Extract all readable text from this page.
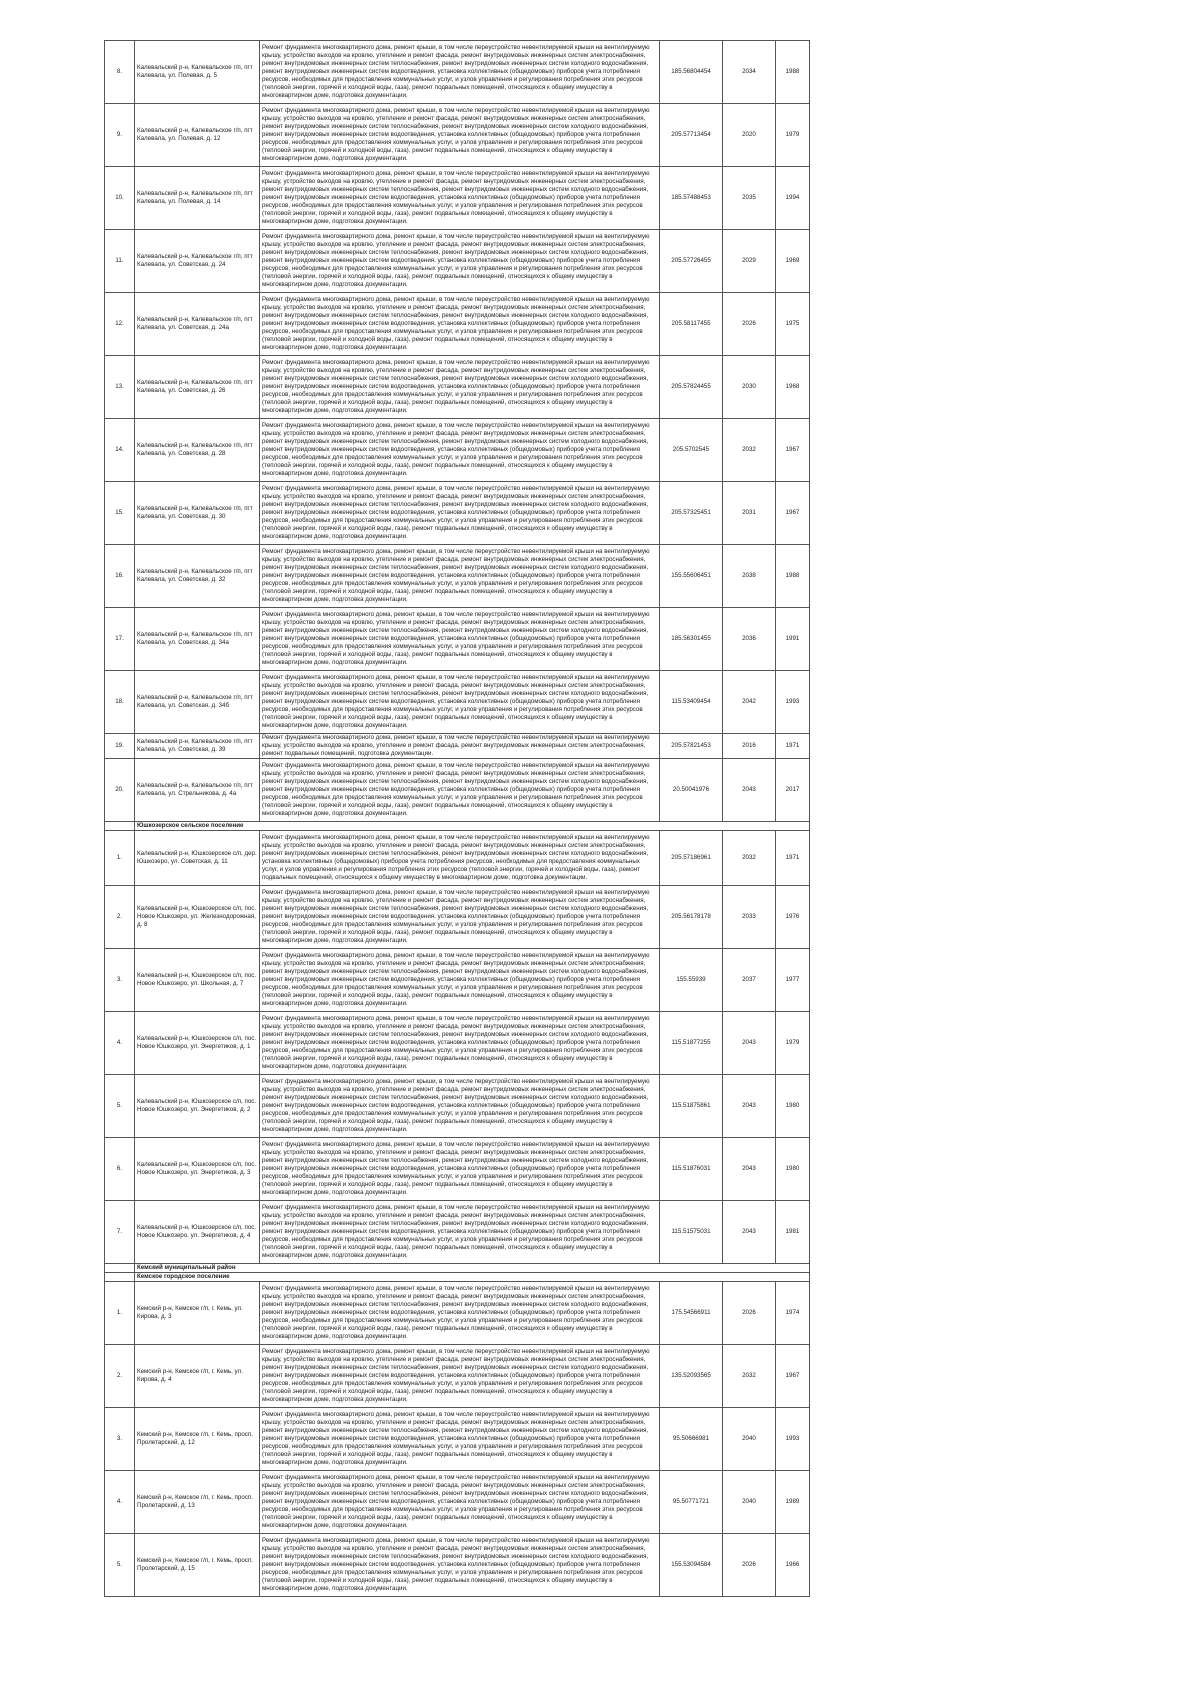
8.	Калевальский р-н, Калевальское г/п, пгт Калевала, ул. Полевая, д. 5	Ремонт фундамента многоквартирного дома, ремонт крыши, в том числе переустройство невентилируемой крыши на вентилируемую крышу, устройство выходов на кровлю, утепление и ремонт фасада, ремонт внутридомовых инженерных систем электроснабжения, ремонт внутридомовых инженерных систем теплоснабжения, ремонт внутридомовых инженерных систем холодного водоснабжения, ремонт внутридомовых инженерных систем водоотведения, установка коллективных (общедомовых) приборов учета потребления ресурсов, необходимых для предоставления коммунальных услуг, и узлов управления и регулирования потребления этих ресурсов (тепловой энергии, горячей и холодной воды, газа), ремонт подвальных помещений, относящихся к общему имуществу в многоквартирном доме, подготовка документации.	185.56804454	2034	1988
9.	Калевальский р-н, Калевальское г/п, пгт Калевала, ул. Полевая, д. 12	Ремонт фундамента многоквартирного дома, ремонт крыши, в том числе переустройство невентилируемой крыши на вентилируемую крышу, устройство выходов на кровлю, утепление и ремонт фасада, ремонт внутридомовых инженерных систем электроснабжения, ремонт внутридомовых инженерных систем теплоснабжения, ремонт внутридомовых инженерных систем холодного водоснабжения, ремонт внутридомовых инженерных систем водоотведения, установка коллективных (общедомовых) приборов учета потребления ресурсов, необходимых для предоставления коммунальных услуг, и узлов управления и регулирования потребления этих ресурсов (тепловой энергии, горячей и холодной воды, газа), ремонт подвальных помещений, относящихся к общему имуществу в многоквартирном доме, подготовка документации.	205.57713454	2020	1979
10.	Калевальский р-н, Калевальское г/п, пгт Калевала, ул. Полевая, д. 14	Ремонт фундамента многоквартирного дома, ремонт крыши, в том числе переустройство невентилируемой крыши на вентилируемую крышу, устройство выходов на кровлю, утепление и ремонт фасада, ремонт внутридомовых инженерных систем электроснабжения, ремонт внутридомовых инженерных систем теплоснабжения, ремонт внутридомовых инженерных систем холодного водоснабжения, ремонт внутридомовых инженерных систем водоотведения, установка коллективных (общедомовых) приборов учета потребления ресурсов, необходимых для предоставления коммунальных услуг, и узлов управления и регулирования потребления этих ресурсов (тепловой энергии, горячей и холодной воды, газа), ремонт подвальных помещений, относящихся к общему имуществу в многоквартирном доме, подготовка документации.	185.57488453	2035	1994
11.	Калевальский р-н, Калевальское г/п, пгт Калевала, ул. Советская, д. 24	Ремонт фундамента многоквартирного дома, ремонт крыши, в том числе переустройство невентилируемой крыши на вентилируемую крышу, устройство выходов на кровлю, утепление и ремонт фасада, ремонт внутридомовых инженерных систем электроснабжения, ремонт внутридомовых инженерных систем теплоснабжения, ремонт внутридомовых инженерных систем холодного водоснабжения, ремонт внутридомовых инженерных систем водоотведения, установка коллективных (общедомовых) приборов учета потребления ресурсов, необходимых для предоставления коммунальных услуг, и узлов управления и регулирования потребления этих ресурсов (тепловой энергии, горячей и холодной воды, газа), ремонт подвальных помещений, относящихся к общему имуществу в многоквартирном доме, подготовка документации.	205.57726455	2029	1969
12.	Калевальский р-н, Калевальское г/п, пгт Калевала, ул. Советская, д. 24а	Ремонт фундамента многоквартирного дома, ремонт крыши, в том числе переустройство невентилируемой крыши на вентилируемую крышу, устройство выходов на кровлю, утепление и ремонт фасада, ремонт внутридомовых инженерных систем электроснабжения, ремонт внутридомовых инженерных систем теплоснабжения, ремонт внутридомовых инженерных систем холодного водоснабжения, ремонт внутридомовых инженерных систем водоотведения, установка коллективных (общедомовых) приборов учета потребления ресурсов, необходимых для предоставления коммунальных услуг, и узлов управления и регулирования потребления этих ресурсов (тепловой энергии, горячей и холодной воды, газа), ремонт подвальных помещений, относящихся к общему имуществу в многоквартирном доме, подготовка документации.	205.58117455	2026	1975
13.	Калевальский р-н, Калевальское г/п, пгт Калевала, ул. Советская, д. 26	Ремонт фундамента многоквартирного дома, ремонт крыши, в том числе переустройство невентилируемой крыши на вентилируемую крышу, устройство выходов на кровлю, утепление и ремонт фасада, ремонт внутридомовых инженерных систем электроснабжения, ремонт внутридомовых инженерных систем теплоснабжения, ремонт внутридомовых инженерных систем холодного водоснабжения, ремонт внутридомовых инженерных систем водоотведения, установка коллективных (общедомовых) приборов учета потребления ресурсов, необходимых для предоставления коммунальных услуг, и узлов управления и регулирования потребления этих ресурсов (тепловой энергии, горячей и холодной воды, газа), ремонт подвальных помещений, относящихся к общему имуществу в многоквартирном доме, подготовка документации.	205.57824455	2030	1968
14.	Калевальский р-н, Калевальское г/п, пгт Калевала, ул. Советская, д. 28	Ремонт фундамента многоквартирного дома, ремонт крыши, в том числе переустройство невентилируемой крыши на вентилируемую крышу, устройство выходов на кровлю, утепление и ремонт фасада, ремонт внутридомовых инженерных систем электроснабжения, ремонт внутридомовых инженерных систем теплоснабжения, ремонт внутридомовых инженерных систем холодного водоснабжения, ремонт внутридомовых инженерных систем водоотведения, установка коллективных (общедомовых) приборов учета потребления ресурсов, необходимых для предоставления коммунальных услуг, и узлов управления и регулирования потребления этих ресурсов (тепловой энергии, горячей и холодной воды, газа), ремонт подвальных помещений, относящихся к общему имуществу в многоквартирном доме, подготовка документации.	205.5702545	2032	1967
15.	Калевальский р-н, Калевальское г/п, пгт Калевала, ул. Советская, д. 30	Ремонт фундамента многоквартирного дома, ремонт крыши, в том числе переустройство невентилируемой крыши на вентилируемую крышу, устройство выходов на кровлю, утепление и ремонт фасада, ремонт внутридомовых инженерных систем электроснабжения, ремонт внутридомовых инженерных систем теплоснабжения, ремонт внутридомовых инженерных систем холодного водоснабжения, ремонт внутридомовых инженерных систем водоотведения, установка коллективных (общедомовых) приборов учета потребления ресурсов, необходимых для предоставления коммунальных услуг, и узлов управления и регулирования потребления этих ресурсов (тепловой энергии, горячей и холодной воды, газа), ремонт подвальных помещений, относящихся к общему имуществу в многоквартирном доме, подготовка документации.	205.57325451	2031	1967
16.	Калевальский р-н, Калевальское г/п, пгт Калевала, ул. Советская, д. 32	Ремонт фундамента многоквартирного дома, ремонт крыши, в том числе переустройство невентилируемой крыши на вентилируемую крышу, устройство выходов на кровлю, утепление и ремонт фасада, ремонт внутридомовых инженерных систем электроснабжения, ремонт внутридомовых инженерных систем теплоснабжения, ремонт внутридомовых инженерных систем холодного водоснабжения, ремонт внутридомовых инженерных систем водоотведения, установка коллективных (общедомовых) приборов учета потребления ресурсов, необходимых для предоставления коммунальных услуг, и узлов управления и регулирования потребления этих ресурсов (тепловой энергии, горячей и холодной воды, газа), ремонт подвальных помещений, относящихся к общему имуществу в многоквартирном доме, подготовка документации.	155.55606451	2038	1988
17.	Калевальский р-н, Калевальское г/п, пгт Калевала, ул. Советская, д. 34а	Ремонт фундамента многоквартирного дома, ремонт крыши, в том числе переустройство невентилируемой крыши на вентилируемую крышу, устройство выходов на кровлю, утепление и ремонт фасада, ремонт внутридомовых инженерных систем электроснабжения, ремонт внутридомовых инженерных систем теплоснабжения, ремонт внутридомовых инженерных систем холодного водоснабжения, ремонт внутридомовых инженерных систем водоотведения, установка коллективных (общедомовых) приборов учета потребления ресурсов, необходимых для предоставления коммунальных услуг, и узлов управления и регулирования потребления этих ресурсов (тепловой энергии, горячей и холодной воды, газа), ремонт подвальных помещений, относящихся к общему имуществу в многоквартирном доме, подготовка документации.	185.56301455	2036	1991
18.	Калевальский р-н, Калевальское г/п, пгт Калевала, ул. Советская, д. 34б	Ремонт фундамента многоквартирного дома, ремонт крыши, в том числе переустройство невентилируемой крыши на вентилируемую крышу, устройство выходов на кровлю, утепление и ремонт фасада, ремонт внутридомовых инженерных систем электроснабжения, ремонт внутридомовых инженерных систем теплоснабжения, ремонт внутридомовых инженерных систем холодного водоснабжения, ремонт внутридомовых инженерных систем водоотведения, установка коллективных (общедомовых) приборов учета потребления ресурсов, необходимых для предоставления коммунальных услуг, и узлов управления и регулирования потребления этих ресурсов (тепловой энергии, горячей и холодной воды, газа), ремонт подвальных помещений, относящихся к общему имуществу в многоквартирном доме, подготовка документации.	115.53409454	2042	1993
19.	Калевальский р-н, Калевальское г/п, пгт Калевала, ул. Советская, д. 39	Ремонт фундамента многоквартирного дома, ремонт крыши, в том числе переустройство невентилируемой крыши на вентилируемую крышу, устройство выходов на кровлю, утепление и ремонт фасада, ремонт внутридомовых инженерных систем электроснабжения, ремонт подвальных помещений, подготовка документации.	205.57821453	2016	1971
20.	Калевальский р-н, Калевальское г/п, пгт Калевала, ул. Стрельникова, д. 4а	Ремонт фундамента многоквартирного дома, ремонт крыши, в том числе переустройство невентилируемой крыши на вентилируемую крышу, устройство выходов на кровлю, утепление и ремонт фасада, ремонт внутридомовых инженерных систем электроснабжения, ремонт внутридомовых инженерных систем теплоснабжения, ремонт внутридомовых инженерных систем холодного водоснабжения, ремонт внутридомовых инженерных систем водоотведения, установка коллективных (общедомовых) приборов учета потребления ресурсов, необходимых для предоставления коммунальных услуг, и узлов управления и регулирования потребления этих ресурсов (тепловой энергии, горячей и холодной воды, газа), ремонт подвальных помещений, относящихся к общему имуществу в многоквартирном доме, подготовка документации.	20.50041976	2043	2017
	Юшкозерское сельское поселение				
1.	Калевальский р-н, Юшкозерское с/п, дер. Юшкозеро, ул. Советская, д. 11	Ремонт фундамента многоквартирного дома, ремонт крыши, в том числе переустройство невентилируемой крыши на вентилируемую крышу, устройство выходов на кровлю, утепление и ремонт фасада, ремонт внутридомовых инженерных систем электроснабжения, ремонт внутридомовых инженерных систем теплоснабжения, ремонт внутридомовых инженерных систем холодного водоснабжения, установка коллективных (общедомовых) приборов учета потребления ресурсов, необходимых для предоставления коммунальных услуг, и узлов управления и регулирования потребления этих ресурсов (тепловой энергии, горячей и холодной воды, газа), ремонт подвальных помещений, относящихся к общему имуществу в многоквартирном доме, подготовка документации.	205.57186961	2032	1971
2.	Калевальский р-н, Юшкозерское с/п, пос. Новое Юшкозеро, ул. Железнодорожная, д. 8	Ремонт фундамента многоквартирного дома, ремонт крыши, в том числе переустройство невентилируемой крыши на вентилируемую крышу, устройство выходов на кровлю, утепление и ремонт фасада, ремонт внутридомовых инженерных систем электроснабжения, ремонт внутридомовых инженерных систем теплоснабжения, ремонт внутридомовых инженерных систем холодного водоснабжения, ремонт внутридомовых инженерных систем водоотведения, установка коллективных (общедомовых) приборов учета потребления ресурсов, необходимых для предоставления коммунальных услуг, и узлов управления и регулирования потребления этих ресурсов (тепловой энергии, горячей и холодной воды, газа), ремонт подвальных помещений, относящихся к общему имуществу в многоквартирном доме, подготовка документации.	205.56178178	2033	1976
3.	Калевальский р-н, Юшкозерское с/п, пос. Новое Юшкозеро, ул. Школьная, д. 7	Ремонт фундамента многоквартирного дома, ремонт крыши, в том числе переустройство невентилируемой крыши на вентилируемую крышу, устройство выходов на кровлю, утепление и ремонт фасада, ремонт внутридомовых инженерных систем электроснабжения, ремонт внутридомовых инженерных систем теплоснабжения, ремонт внутридомовых инженерных систем холодного водоснабжения, ремонт внутридомовых инженерных систем водоотведения, установка коллективных (общедомовых) приборов учета потребления ресурсов, необходимых для предоставления коммунальных услуг, и узлов управления и регулирования потребления этих ресурсов (тепловой энергии, горячей и холодной воды, газа), ремонт подвальных помещений, относящихся к общему имуществу в многоквартирном доме, подготовка документации.	155.55939	2037	1977
4.	Калевальский р-н, Юшкозерское с/п, пос. Новое Юшкозеро, ул. Энергетиков, д. 1	Ремонт фундамента многоквартирного дома, ремонт крыши, в том числе переустройство невентилируемой крыши на вентилируемую крышу, устройство выходов на кровлю, утепление и ремонт фасада, ремонт внутридомовых инженерных систем электроснабжения, ремонт внутридомовых инженерных систем теплоснабжения, ремонт внутридомовых инженерных систем холодного водоснабжения, ремонт внутридомовых инженерных систем водоотведения, установка коллективных (общедомовых) приборов учета потребления ресурсов, необходимых для предоставления коммунальных услуг, и узлов управления и регулирования потребления этих ресурсов (тепловой энергии, горячей и холодной воды, газа), ремонт подвальных помещений, относящихся к общему имуществу в многоквартирном доме, подготовка документации.	115.51877255	2043	1979
5.	Калевальский р-н, Юшкозерское с/п, пос. Новое Юшкозеро, ул. Энергетиков, д. 2	Ремонт фундамента многоквартирного дома, ремонт крыши, в том числе переустройство невентилируемой крыши на вентилируемую крышу, устройство выходов на кровлю, утепление и ремонт фасада, ремонт внутридомовых инженерных систем электроснабжения, ремонт внутридомовых инженерных систем теплоснабжения, ремонт внутридомовых инженерных систем холодного водоснабжения, ремонт внутридомовых инженерных систем водоотведения, установка коллективных (общедомовых) приборов учета потребления ресурсов, необходимых для предоставления коммунальных услуг, и узлов управления и регулирования потребления этих ресурсов (тепловой энергии, горячей и холодной воды, газа), ремонт подвальных помещений, относящихся к общему имуществу в многоквартирном доме, подготовка документации.	115.51875861	2043	1980
6.	Калевальский р-н, Юшкозерское с/п, пос. Новое Юшкозеро, ул. Энергетиков, д. 3	Ремонт фундамента многоквартирного дома, ремонт крыши, в том числе переустройство невентилируемой крыши на вентилируемую крышу, устройство выходов на кровлю, утепление и ремонт фасада, ремонт внутридомовых инженерных систем электроснабжения, ремонт внутридомовых инженерных систем теплоснабжения, ремонт внутридомовых инженерных систем холодного водоснабжения, ремонт внутридомовых инженерных систем водоотведения, установка коллективных (общедомовых) приборов учета потребления ресурсов, необходимых для предоставления коммунальных услуг, и узлов управления и регулирования потребления этих ресурсов (тепловой энергии, горячей и холодной воды, газа), ремонт подвальных помещений, относящихся к общему имуществу в многоквартирном доме, подготовка документации.	115.51876031	2043	1980
7.	Калевальский р-н, Юшкозерское с/п, пос. Новое Юшкозеро, ул. Энергетиков, д. 4	Ремонт фундамента многоквартирного дома, ремонт крыши, в том числе переустройство невентилируемой крыши на вентилируемую крышу, устройство выходов на кровлю, утепление и ремонт фасада, ремонт внутридомовых инженерных систем электроснабжения, ремонт внутридомовых инженерных систем теплоснабжения, ремонт внутридомовых инженерных систем холодного водоснабжения, ремонт внутридомовых инженерных систем водоотведения, установка коллективных (общедомовых) приборов учета потребления ресурсов, необходимых для предоставления коммунальных услуг, и узлов управления и регулирования потребления этих ресурсов (тепловой энергии, горячей и холодной воды, газа), ремонт подвальных помещений, относящихся к общему имуществу в многоквартирном доме, подготовка документации.	115.51575031	2043	1981
	Кемский муниципальный район				
	Кемское городское поселение				
1.	Кемский р-н, Кемское г/п, г. Кемь, ул. Кирова, д. 3	Ремонт фундамента многоквартирного дома, ремонт крыши, в том числе переустройство невентилируемой крыши на вентилируемую крышу, устройство выходов на кровлю, утепление и ремонт фасада, ремонт внутридомовых инженерных систем электроснабжения, ремонт внутридомовых инженерных систем теплоснабжения, ремонт внутридомовых инженерных систем холодного водоснабжения, ремонт внутридомовых инженерных систем водоотведения, установка коллективных (общедомовых) приборов учета потребления ресурсов, необходимых для предоставления коммунальных услуг, и узлов управления и регулирования потребления этих ресурсов (тепловой энергии, горячей и холодной воды, газа), ремонт подвальных помещений, относящихся к общему имуществу в многоквартирном доме, подготовка документации.	175.54566911	2026	1974
2.	Кемский р-н, Кемское г/п, г. Кемь, ул. Кирова, д. 4	Ремонт фундамента многоквартирного дома, ремонт крыши, в том числе переустройство невентилируемой крыши на вентилируемую крышу, устройство выходов на кровлю, утепление и ремонт фасада, ремонт внутридомовых инженерных систем электроснабжения, ремонт внутридомовых инженерных систем теплоснабжения, ремонт внутридомовых инженерных систем холодного водоснабжения, ремонт внутридомовых инженерных систем водоотведения, установка коллективных (общедомовых) приборов учета потребления ресурсов, необходимых для предоставления коммунальных услуг, и узлов управления и регулирования потребления этих ресурсов (тепловой энергии, горячей и холодной воды, газа), ремонт подвальных помещений, относящихся к общему имуществу в многоквартирном доме, подготовка документации.	135.52093565	2032	1967
3.	Кемский р-н, Кемское г/п, г. Кемь, просп. Пролетарский, д. 12	Ремонт фундамента многоквартирного дома, ремонт крыши, в том числе переустройство невентилируемой крыши на вентилируемую крышу, устройство выходов на кровлю, утепление и ремонт фасада, ремонт внутридомовых инженерных систем электроснабжения, ремонт внутридомовых инженерных систем теплоснабжения, ремонт внутридомовых инженерных систем холодного водоснабжения, ремонт внутридомовых инженерных систем водоотведения, установка коллективных (общедомовых) приборов учета потребления ресурсов, необходимых для предоставления коммунальных услуг, и узлов управления и регулирования потребления этих ресурсов (тепловой энергии, горячей и холодной воды, газа), ремонт подвальных помещений, относящихся к общему имуществу в многоквартирном доме, подготовка документации.	95.50666981	2040	1993
4.	Кемский р-н, Кемское г/п, г. Кемь, просп. Пролетарский, д. 13	Ремонт фундамента многоквартирного дома, ремонт крыши, в том числе переустройство невентилируемой крыши на вентилируемую крышу, устройство выходов на кровлю, утепление и ремонт фасада, ремонт внутридомовых инженерных систем электроснабжения, ремонт внутридомовых инженерных систем теплоснабжения, ремонт внутридомовых инженерных систем холодного водоснабжения, ремонт внутридомовых инженерных систем водоотведения, установка коллективных (общедомовых) приборов учета потребления ресурсов, необходимых для предоставления коммунальных услуг, и узлов управления и регулирования потребления этих ресурсов (тепловой энергии, горячей и холодной воды, газа), ремонт подвальных помещений, относящихся к общему имуществу в многоквартирном доме, подготовка документации.	95.50771721	2040	1989
5.	Кемский р-н, Кемское г/п, г. Кемь, просп. Пролетарский, д. 15	Ремонт фундамента многоквартирного дома, ремонт крыши, в том числе переустройство невентилируемой крыши на вентилируемую крышу, устройство выходов на кровлю, утепление и ремонт фасада, ремонт внутридомовых инженерных систем электроснабжения, ремонт внутридомовых инженерных систем теплоснабжения, ремонт внутридомовых инженерных систем холодного водоснабжения, ремонт внутридомовых инженерных систем водоотведения, установка коллективных (общедомовых) приборов учета потребления ресурсов, необходимых для предоставления коммунальных услуг, и узлов управления и регулирования потребления этих ресурсов (тепловой энергии, горячей и холодной воды, газа), ремонт подвальных помещений, относящихся к общему имуществу в многоквартирном доме, подготовка документации.	155.53094584	2026	1966
